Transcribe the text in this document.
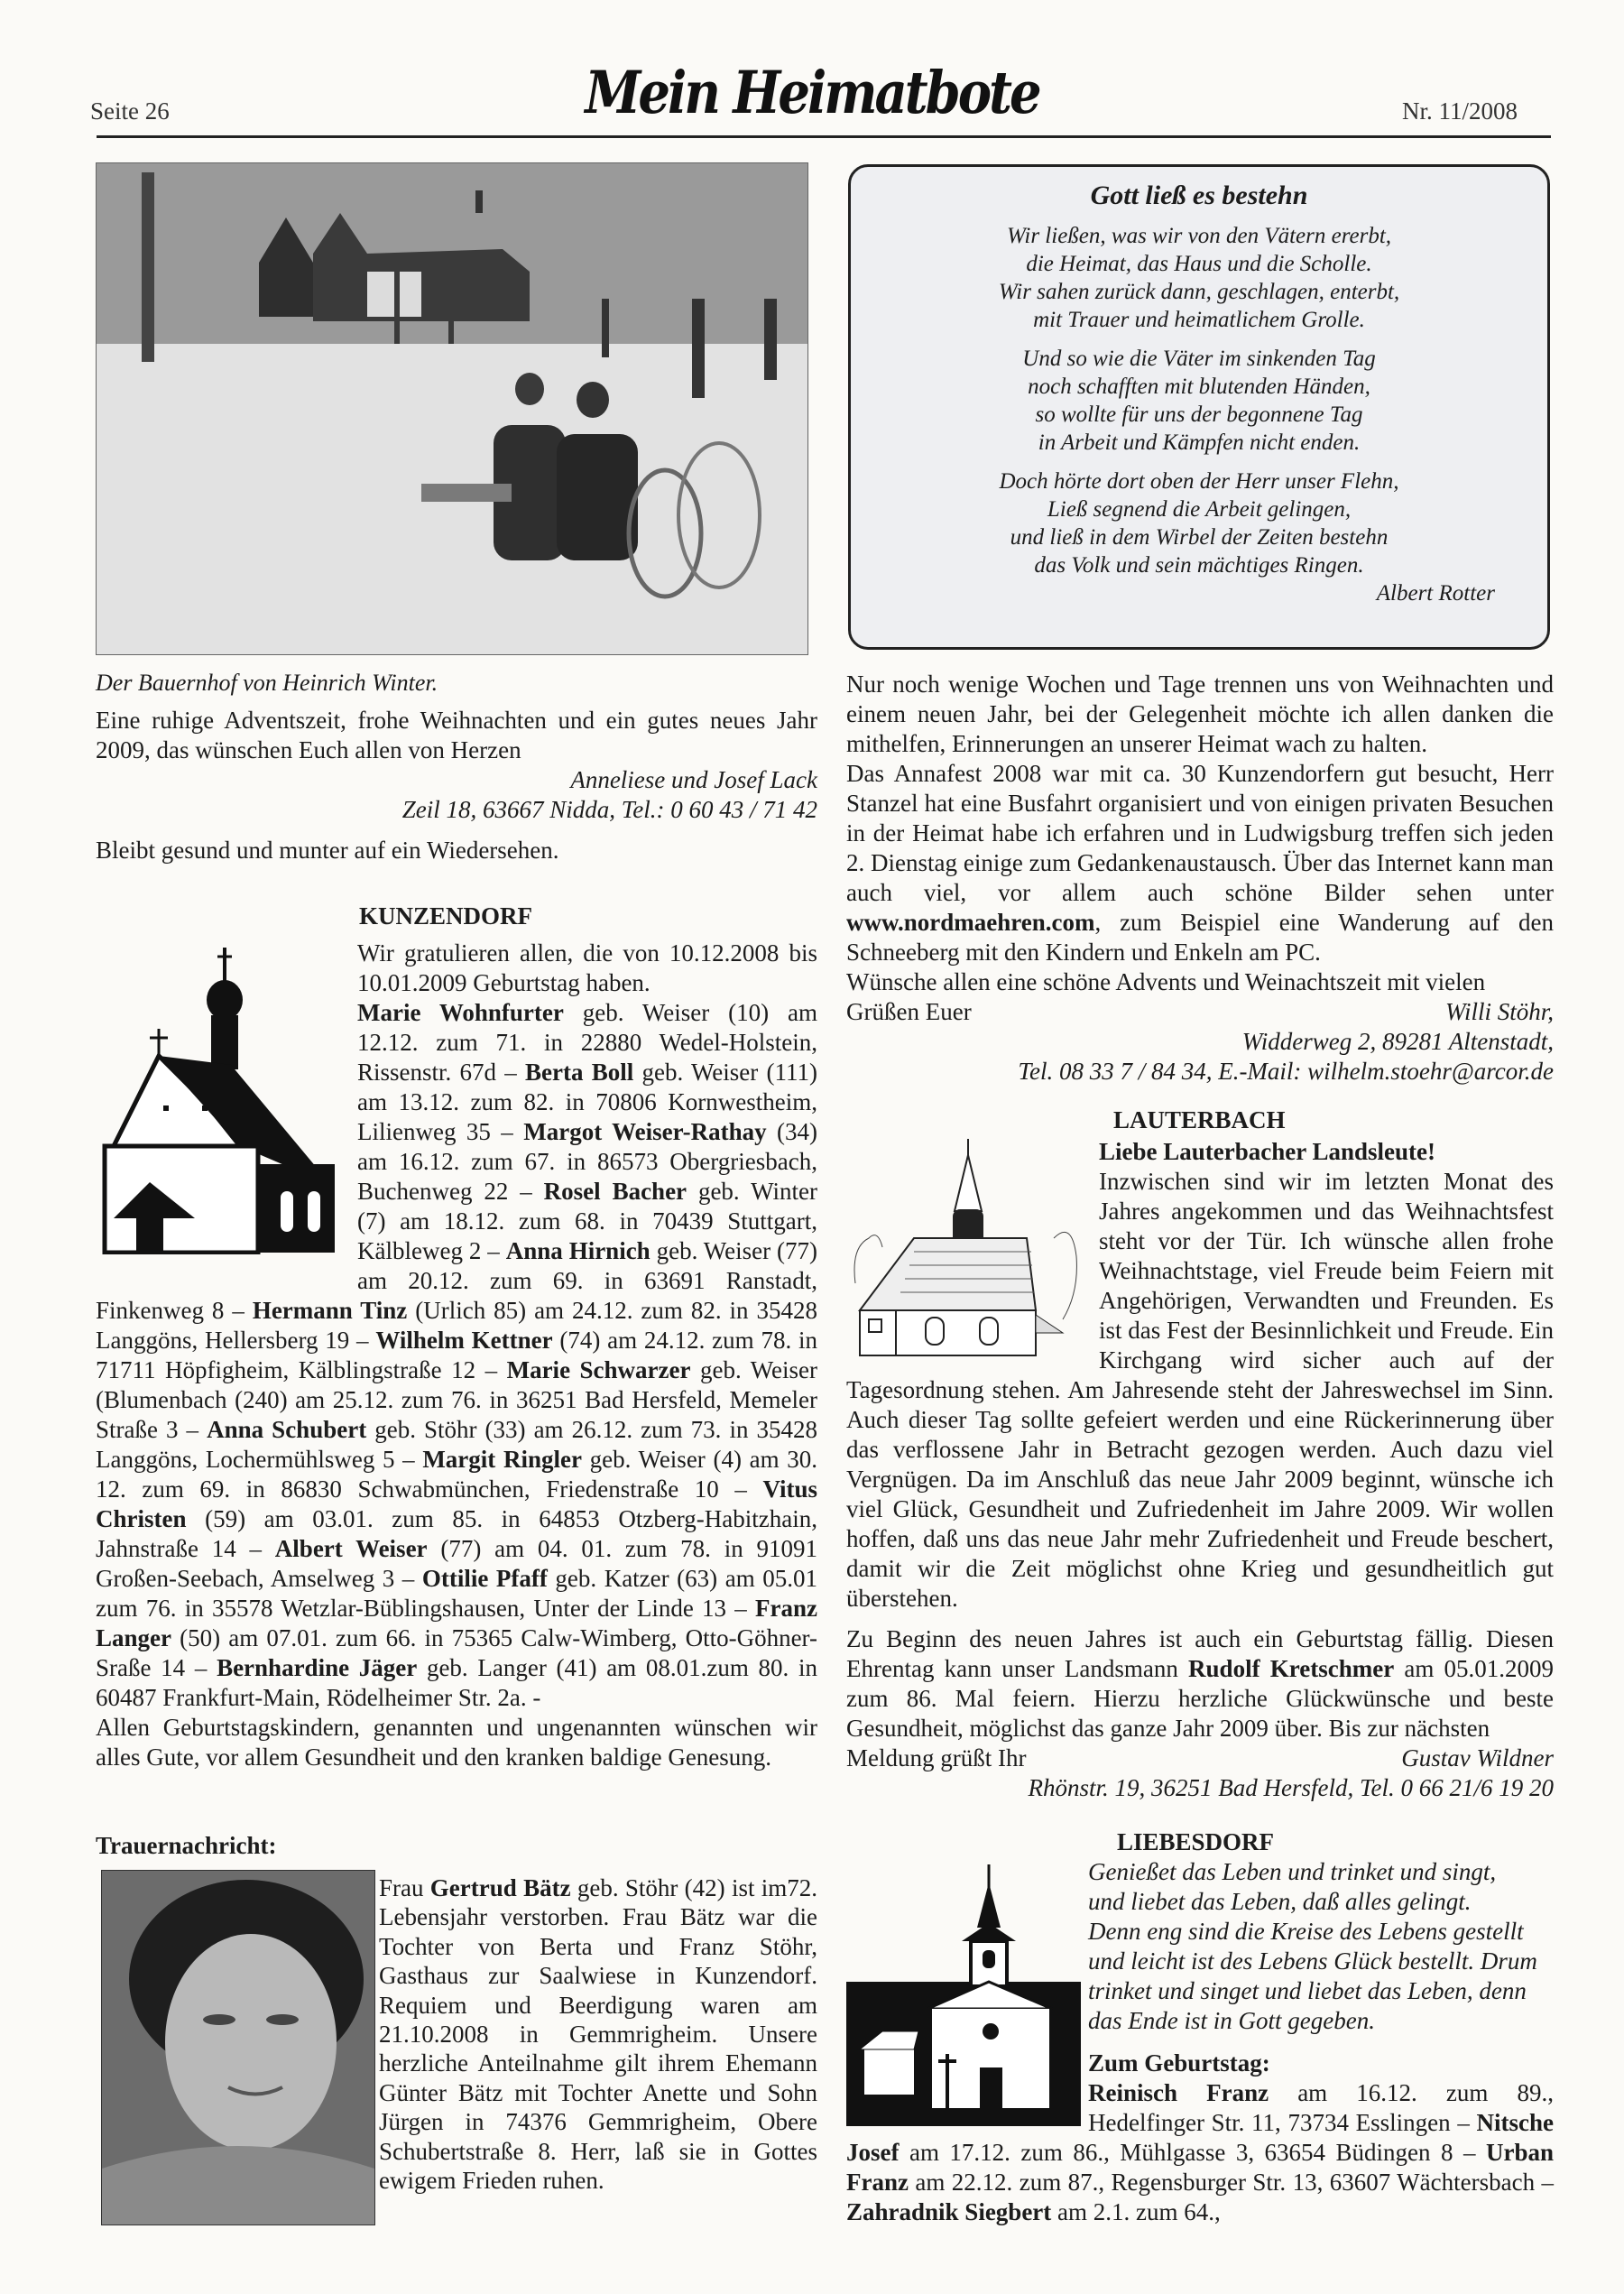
Seite 26	Mein Heimatbote	Nr. 11/2008
Der Bauernhof von Heinrich Winter.
Eine ruhige Adventszeit, frohe Weihnachten und ein gutes neues Jahr 2009, das wünschen Euch allen von Herzen
Anneliese und Josef Lack
Zeil 18, 63667 Nidda, Tel.: 0 60 43 / 71 42
Bleibt gesund und munter auf ein Wiedersehen.
KUNZENDORF

Wir gratulieren allen, die von 10.12.2008 bis 10.01.2009 Geburtstag haben.

Marie Wohnfurter geb. Weiser (10) am 12.12. zum 71. in 22880 Wedel-Holstein, Rissenstr. 67d – Berta Boll geb. Weiser (111) am 13.12. zum 82. in 70806 Kornwestheim, Lilienweg 35 – Margot Weiser-Rathay (34) am 16.12. zum 67. in 86573 Obergriesbach, Buchenweg 22 – Rosel Bacher geb. Winter (7) am 18.12. zum 68. in 70439 Stuttgart, Kälbleweg 2 – Anna Hirnich geb. Weiser (77) am 20.12. zum 69. in 63691 Ranstadt, Finkenweg 8 – Hermann Tinz (Urlich 85) am 24.12. zum 82. in 35428 Langgöns, Hellersberg 19 – Wilhelm Kettner (74) am 24.12. zum 78. in 71711 Höpfigheim, Kälblingstraße 12 – Marie Schwarzer geb. Weiser (Blumenbach (240) am 25.12. zum 76. in 36251 Bad Hersfeld, Memeler Straße 3 – Anna Schubert geb. Stöhr (33) am 26.12. zum 73. in 35428 Langgöns, Lochermühlsweg 5 – Margit Ringler geb. Weiser (4) am 30. 12. zum 69. in 86830 Schwabmünchen, Friedenstraße 10 – Vitus Christen (59) am 03.01. zum 85. in 64853 Otzberg-Habitzhain, Jahnstraße 14 – Albert Weiser (77) am 04. 01. zum 78. in 91091 Großen-Seebach, Amselweg 3 – Ottilie Pfaff geb. Katzer (63) am 05.01 zum 76. in 35578 Wetzlar-Büblingshausen, Unter der Linde 13 – Franz Langer (50) am 07.01. zum 66. in 75365 Calw-Wimberg, Otto-Göhner-Sraße 14 – Bernhardine Jäger geb. Langer (41) am 08.01.zum 80. in 60487 Frankfurt-Main, Rödelheimer Str. 2a. -

Allen Geburtstagskindern, genannten und ungenannten wünschen wir alles Gute, vor allem Gesundheit und den kranken baldige Genesung.

Trauernachricht:
Frau Gertrud Bätz geb. Stöhr (42) ist im72. Lebensjahr verstorben. Frau Bätz war die Tochter von Berta und Franz Stöhr, Gasthaus zur Saalwiese in Kunzendorf. Requiem und Beerdigung waren am 21.10.2008 in Gemmrigheim. Unsere herzliche Anteilnahme gilt ihrem Ehemann Günter Bätz mit Tochter Anette und Sohn Jürgen in 74376 Gemmrigheim, Obere Schubertstraße 8. Herr, laß sie in Gottes ewigem Frieden ruhen.
Gott ließ es bestehn
Wir ließen, was wir von den Vätern ererbt,
die Heimat, das Haus und die Scholle.
Wir sahen zurück dann, geschlagen, enterbt,
mit Trauer und heimatlichem Grolle.
Und so wie die Väter im sinkenden Tag
noch schafften mit blutenden Händen,
so wollte für uns der begonnene Tag
in Arbeit und Kämpfen nicht enden.
Doch hörte dort oben der Herr unser Flehn,
Ließ segnend die Arbeit gelingen,
und ließ in dem Wirbel der Zeiten bestehn
das Volk und sein mächtiges Ringen.
Albert Rotter
Nur noch wenige Wochen und Tage trennen uns von Weihnachten und einem neuen Jahr, bei der Gelegenheit möchte ich allen danken die mithelfen, Erinnerungen an unserer Heimat wach zu halten.
Das Annafest 2008 war mit ca. 30 Kunzendorfern gut besucht, Herr Stanzel hat eine Busfahrt organisiert und von einigen privaten Besuchen in der Heimat habe ich erfahren und in Ludwigsburg treffen sich jeden 2. Dienstag einige zum Gedankenaustausch. Über das Internet kann man auch viel, vor allem auch schöne Bilder sehen unter www.nordmaehren.com, zum Beispiel eine Wanderung auf den Schneeberg mit den Kindern und Enkeln am PC.
Wünsche allen eine schöne Advents und Weinachtszeit mit vielen
Grüßen Euer	Willi Stöhr,
Widderweg 2, 89281 Altenstadt,
Tel. 08 33 7 / 84 34, E.-Mail: wilhelm.stoehr@arcor.de
LAUTERBACH

Liebe Lauterbacher Landsleute!

Inzwischen sind wir im letzten Monat des Jahres angekommen und das Weihnachtsfest steht vor der Tür. Ich wünsche allen frohe Weihnachtstage, viel Freude beim Feiern mit Angehörigen, Verwandten und Freunden. Es ist das Fest der Besinnlichkeit und Freude. Ein Kirchgang wird sicher auch auf der Tagesordnung stehen. Am Jahresende steht der Jahreswechsel im Sinn. Auch dieser Tag sollte gefeiert werden und eine Rückerinnerung über das verflossene Jahr in Betracht gezogen werden. Auch dazu viel Vergnügen. Da im Anschluß das neue Jahr 2009 beginnt, wünsche ich viel Glück, Gesundheit und Zufriedenheit im Jahre 2009. Wir wollen hoffen, daß uns das neue Jahr mehr Zufriedenheit und Freude beschert, damit wir die Zeit möglichst ohne Krieg und gesundheitlich gut überstehen.

Zu Beginn des neuen Jahres ist auch ein Geburtstag fällig. Diesen Ehrentag kann unser Landsmann Rudolf Kretschmer am 05.01.2009 zum 86. Mal feiern. Hierzu herzliche Glückwünsche und beste Gesundheit, möglichst das ganze Jahr 2009 über. Bis zur nächsten

Meldung grüßt Ihr	Gustav Wildner
Rhönstr. 19, 36251 Bad Hersfeld, Tel. 0 66 21/6 19 20
LIEBESDORF
Genießet das Leben und trinket und singt,
und liebet das Leben, daß alles gelingt.
Denn eng sind die Kreise des Lebens gestellt und leicht ist des Lebens Glück bestellt. Drum trinket und singet und liebet das Leben, denn das Ende ist in Gott gegeben.

Zum Geburtstag:

Reinisch Franz am 16.12. zum 89., Hedelfinger Str. 11, 73734 Esslingen – Nitsche Josef am 17.12. zum 86., Mühlgasse 3, 63654 Büdingen 8 – Urban Franz am 22.12. zum 87., Regensburger Str. 13, 63607 Wächtersbach – Zahradnik Siegbert am 2.1. zum 64.,
